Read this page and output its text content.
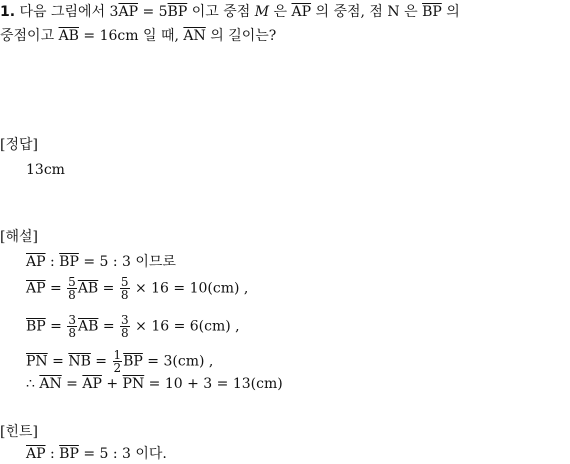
1. 다음 그림에서 $3\overline{AP} = 5\overline{BP}$ 이고 중점 M 은 $\overline{AP}$ 의 중점, 점 N 은 $\overline{BP}$ 의
중점이고 $\overline{AB} = 16cm$ 일 때, $\overline{AN}$ 의 길이는?
[정답]
13cm
[해설]
$\overline{AP}$ : $\overline{BP} = 5$ : 3 이므로
$\overline{AP} = \frac{5}{8} \overline{AB} = \frac{5}{8} \times 16 = 10(cm)$ ,
$\overline{BP} = \frac{3}{8} \overline{AB} = \frac{3}{8} \times 16 = 6(cm)$ ,
$\overline{PN} = \overline{NB} = \frac{1}{2} \overline{BP} = 3(cm)$ ,
∴ $\overline{AN} = \overline{AP} + \overline{PN} = 10 + 3 = 13(cm)$
[힌트]
$\overline{AP}$ : $\overline{BP} = 5$ : 3 이다.
